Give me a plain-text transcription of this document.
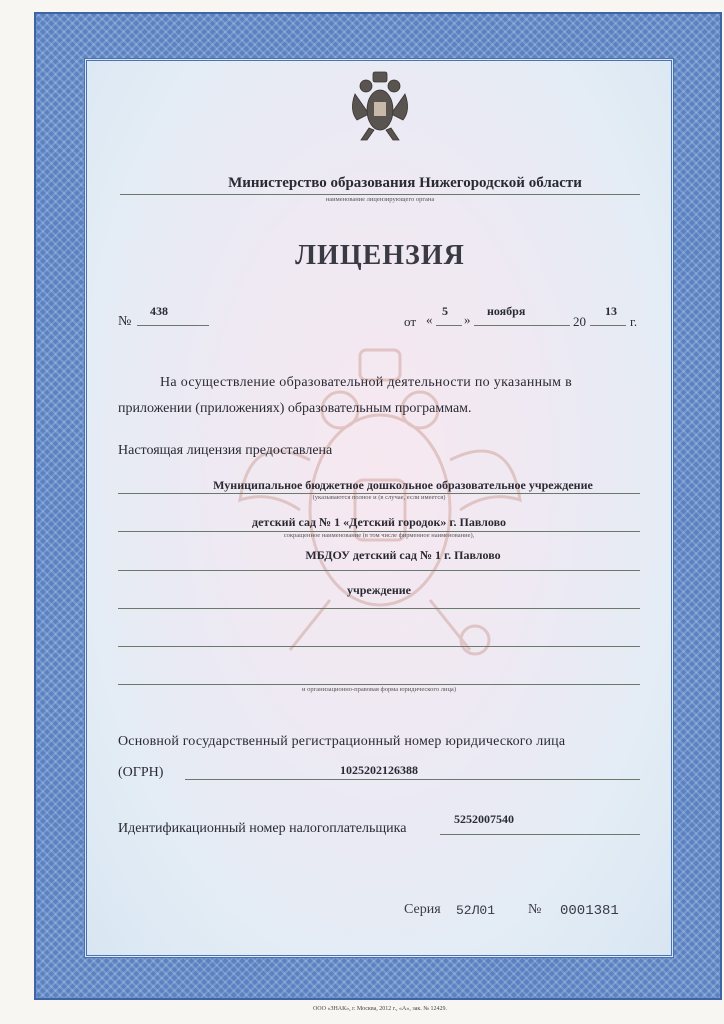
Министерство образования Нижегородской области
наименование лицензирующего органа
ЛИЦЕНЗИЯ
№
438
от «
5
»
ноября
20
13
г.
На осуществление образовательной деятельности по указанным в
приложении (приложениях) образовательным программам.
Настоящая лицензия предоставлена
Муниципальное бюджетное дошкольное образовательное учреждение
(указываются полное и (в случае, если имеется)
детский сад № 1 «Детский городок» г. Павлово
сокращенное наименование (в том числе фирменное наименование),
МБДОУ детский сад № 1 г. Павлово
учреждение
и организационно-правовая форма юридического лица)
Основной государственный регистрационный номер юридического лица
(ОГРН)	1025202126388
Идентификационный номер налогоплательщика
5252007540
Серия 52Л01 № 0001381
ООО «ЗНАК», г. Москва, 2012 г., «А», зак. № 12429.
